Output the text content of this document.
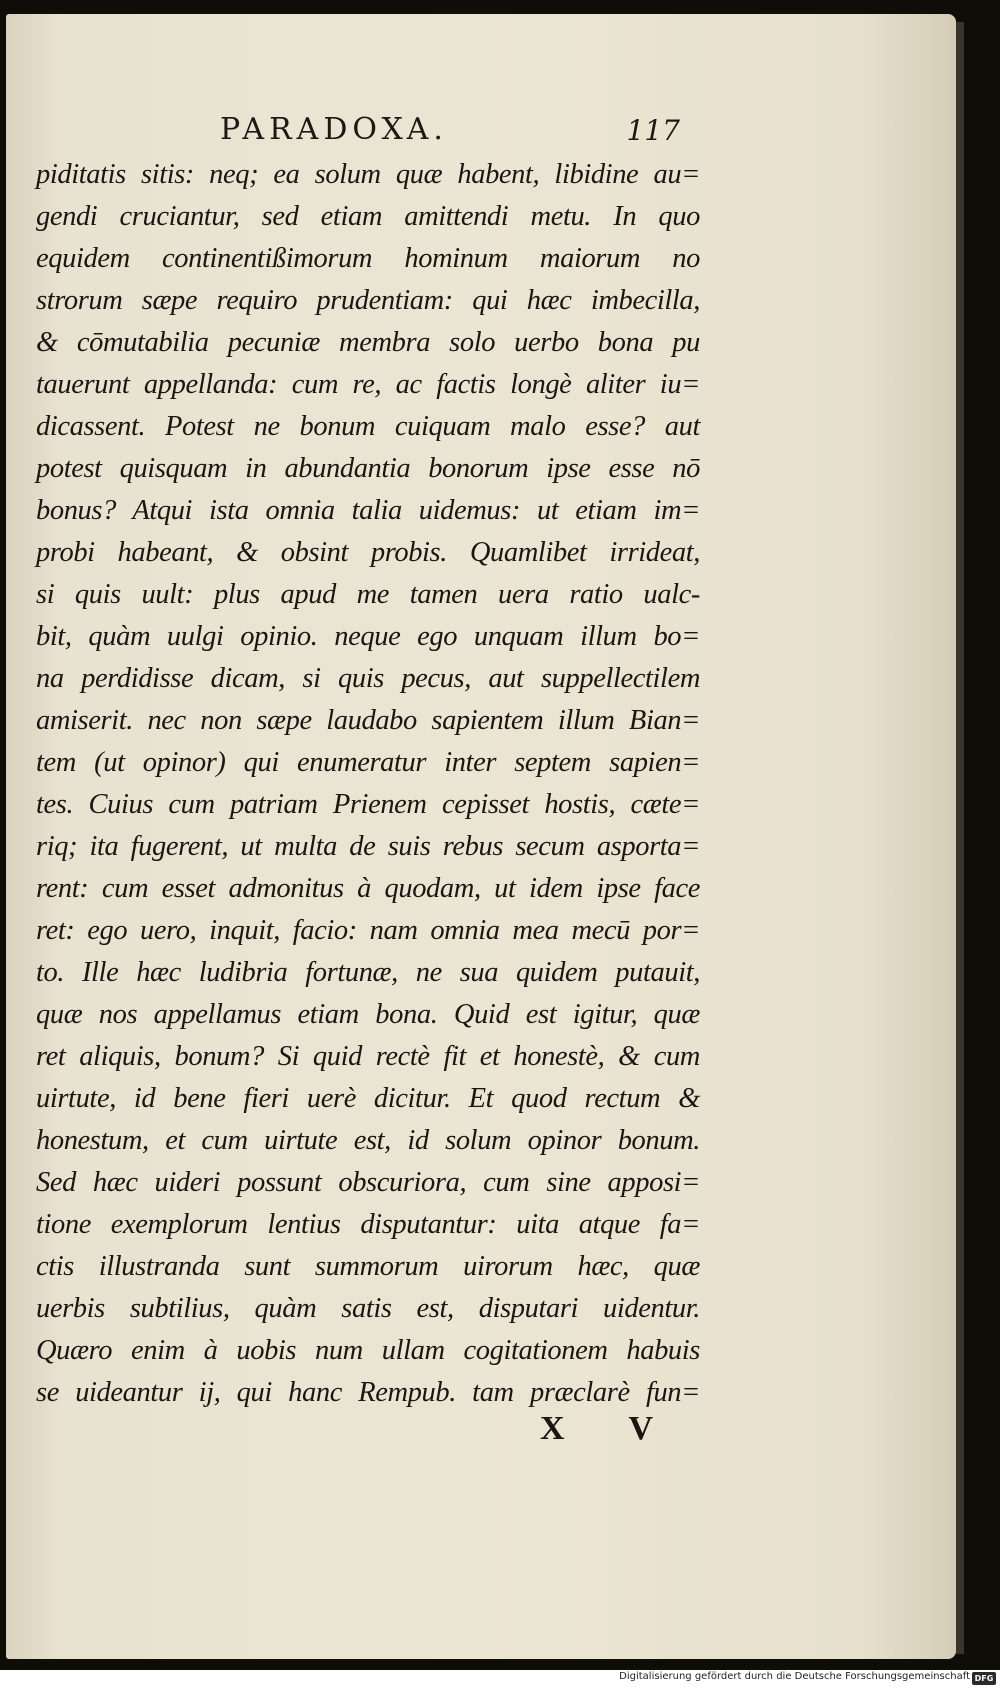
PARADOXA.	117
piditatis sitis: neq; ea solum quæ habent, libidine au=
gendi cruciantur, sed etiam amittendi metu. In quo
equidem continentißimorum hominum maiorum no
strorum sæpe requiro prudentiam: qui hæc imbecilla,
& cōmutabilia pecuniæ membra solo uerbo bona pu
tauerunt appellanda: cum re, ac factis longè aliter iu=
dicassent. Potest ne bonum cuiquam malo esse? aut
potest quisquam in abundantia bonorum ipse esse nō
bonus? Atqui ista omnia talia uidemus: ut etiam im=
probi habeant, & obsint probis. Quamlibet irrideat,
si quis uult: plus apud me tamen uera ratio ualc-
bit, quàm uulgi opinio. neque ego unquam illum bo=
na perdidisse dicam, si quis pecus, aut suppellectilem
amiserit. nec non sæpe laudabo sapientem illum Bian=
tem (ut opinor) qui enumeratur inter septem sapien=
tes. Cuius cum patriam Prienem cepisset hostis, cæte=
riq; ita fugerent, ut multa de suis rebus secum asporta=
rent: cum esset admonitus à quodam, ut idem ipse face
ret: ego uero, inquit, facio: nam omnia mea mecū por=
to. Ille hæc ludibria fortunæ, ne sua quidem putauit,
quæ nos appellamus etiam bona. Quid est igitur, quæ
ret aliquis, bonum? Si quid rectè fit et honestè, & cum
uirtute, id bene fieri uerè dicitur. Et quod rectum &
honestum, et cum uirtute est, id solum opinor bonum.
Sed hæc uideri possunt obscuriora, cum sine apposi=
tione exemplorum lentius disputantur: uita atque fa=
ctis illustranda sunt summorum uirorum hæc, quæ
uerbis subtilius, quàm satis est, disputari uidentur.
Quæro enim à uobis num ullam cogitationem habuis
se uideantur ij, qui hanc Rempub. tam præclarè fun=
X V
Digitalisierung gefördert durch die Deutsche Forschungsgemeinschaft DFG
